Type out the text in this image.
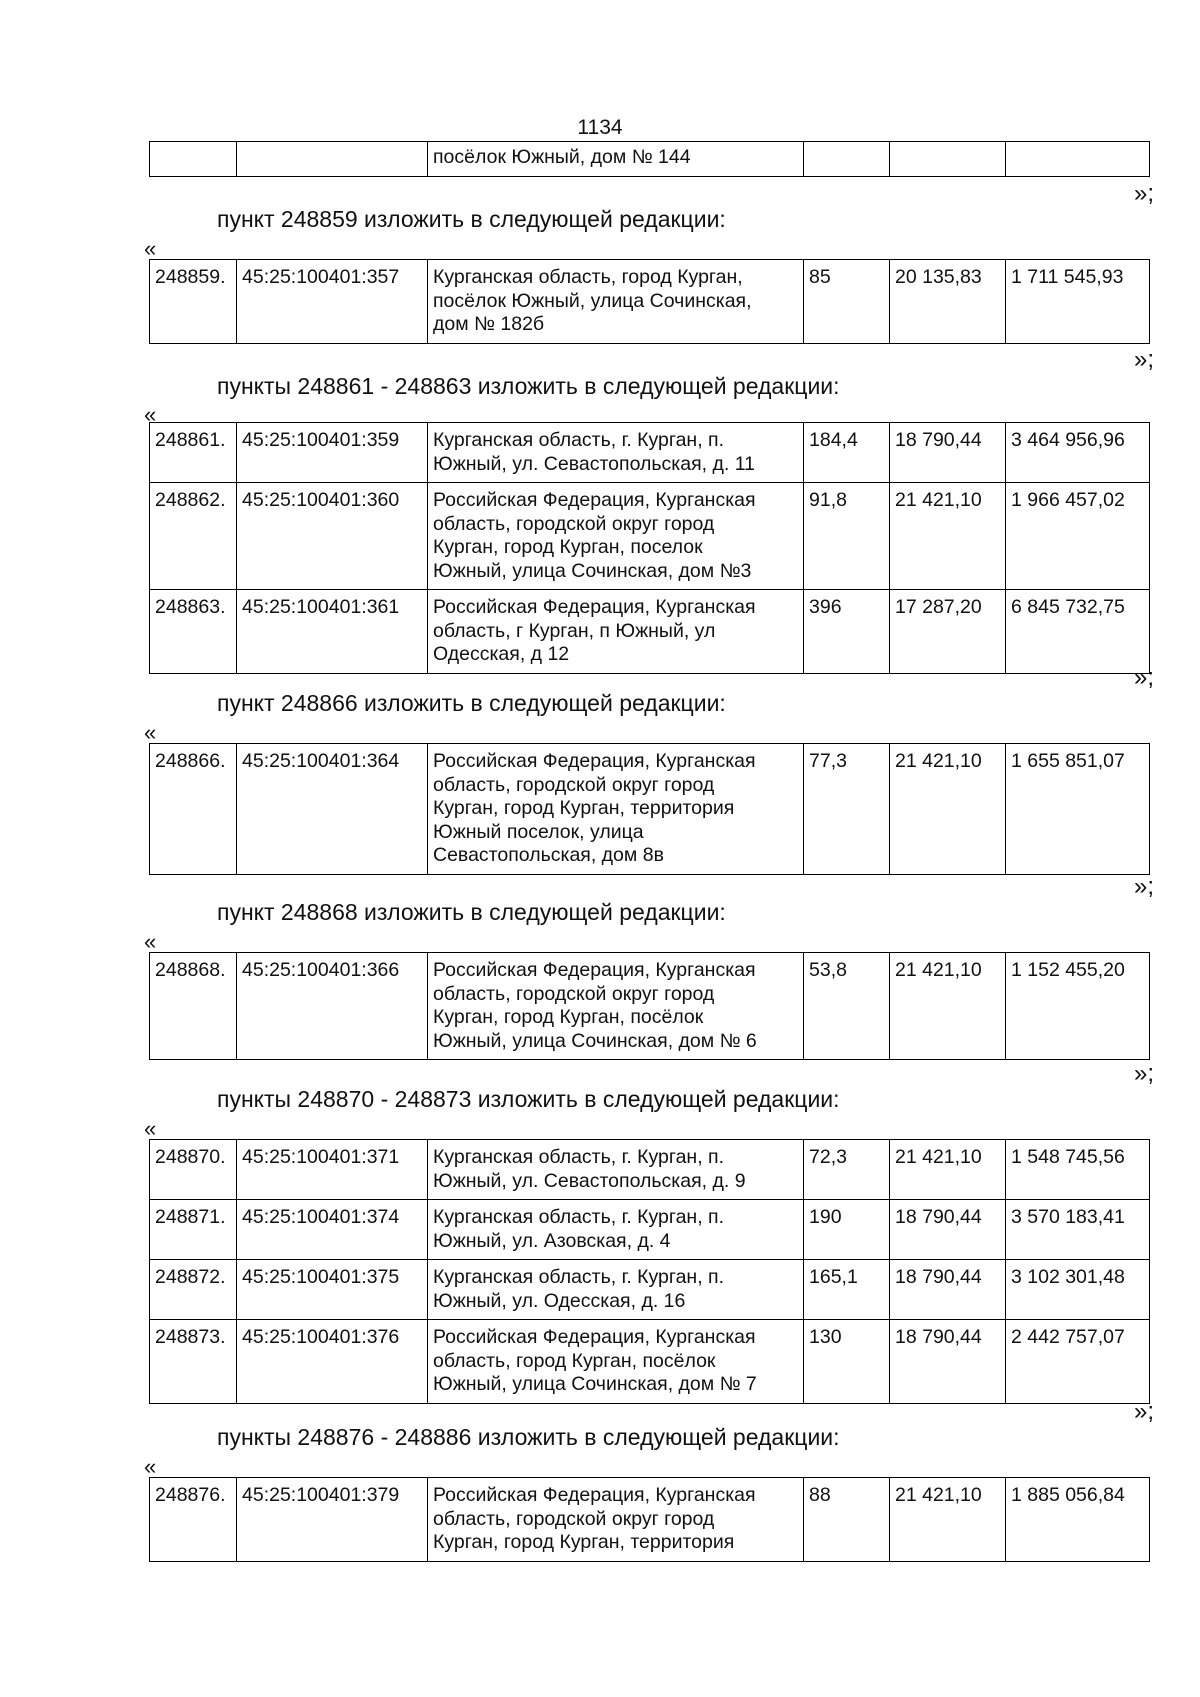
1134
		посёлок Южный, дом № 144			
»;
пункт 248859 изложить в следующей редакции:
«
248859.	45:25:100401:357	Курганская область, город Курган,
посёлок Южный, улица Сочинская,
дом № 182б	85	20 135,83	1 711 545,93
»;
пункты 248861 - 248863 изложить в следующей редакции:
«
248861.	45:25:100401:359	Курганская область, г. Курган, п.
Южный, ул. Севастопольская, д. 11	184,4	18 790,44	3 464 956,96
248862.	45:25:100401:360	Российская Федерация, Курганская
область, городской округ город
Курган, город Курган, поселок
Южный, улица Сочинская, дом №3	91,8	21 421,10	1 966 457,02
248863.	45:25:100401:361	Российская Федерация, Курганская
область, г Курган, п Южный, ул
Одесская, д 12	396	17 287,20	6 845 732,75
»;
пункт 248866 изложить в следующей редакции:
«
248866.	45:25:100401:364	Российская Федерация, Курганская
область, городской округ город
Курган, город Курган, территория
Южный поселок, улица
Севастопольская, дом 8в	77,3	21 421,10	1 655 851,07
»;
пункт 248868 изложить в следующей редакции:
«
248868.	45:25:100401:366	Российская Федерация, Курганская
область, городской округ город
Курган, город Курган, посёлок
Южный, улица Сочинская, дом № 6	53,8	21 421,10	1 152 455,20
»;
пункты 248870 - 248873 изложить в следующей редакции:
«
248870.	45:25:100401:371	Курганская область, г. Курган, п.
Южный, ул. Севастопольская, д. 9	72,3	21 421,10	1 548 745,56
248871.	45:25:100401:374	Курганская область, г. Курган, п.
Южный, ул. Азовская, д. 4	190	18 790,44	3 570 183,41
248872.	45:25:100401:375	Курганская область, г. Курган, п.
Южный, ул. Одесская, д. 16	165,1	18 790,44	3 102 301,48
248873.	45:25:100401:376	Российская Федерация, Курганская
область, город Курган, посёлок
Южный, улица Сочинская, дом № 7	130	18 790,44	2 442 757,07
»;
пункты 248876 - 248886 изложить в следующей редакции:
«
248876.	45:25:100401:379	Российская Федерация, Курганская
область, городской округ город
Курган, город Курган, территория	88	21 421,10	1 885 056,84
